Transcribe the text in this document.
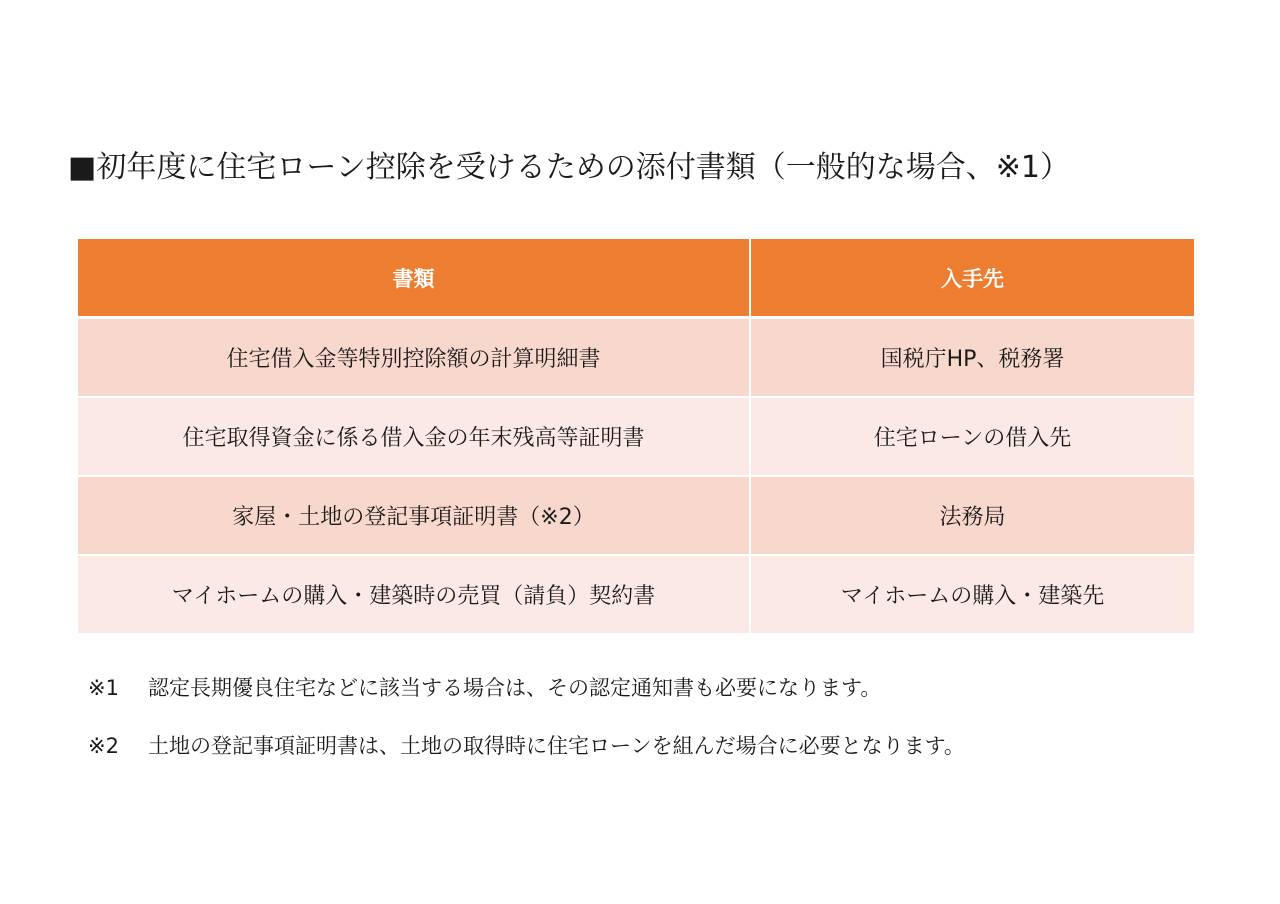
■初年度に住宅ローン控除を受けるための添付書類（一般的な場合、※1）
書類	入手先
住宅借入金等特別控除額の計算明細書	国税庁HP、税務署
住宅取得資金に係る借入金の年末残高等証明書	住宅ローンの借入先
家屋・土地の登記事項証明書（※2）	法務局
マイホームの購入・建築時の売買（請負）契約書	マイホームの購入・建築先
※1 認定長期優良住宅などに該当する場合は、その認定通知書も必要になります。
※2 土地の登記事項証明書は、土地の取得時に住宅ローンを組んだ場合に必要となります。
